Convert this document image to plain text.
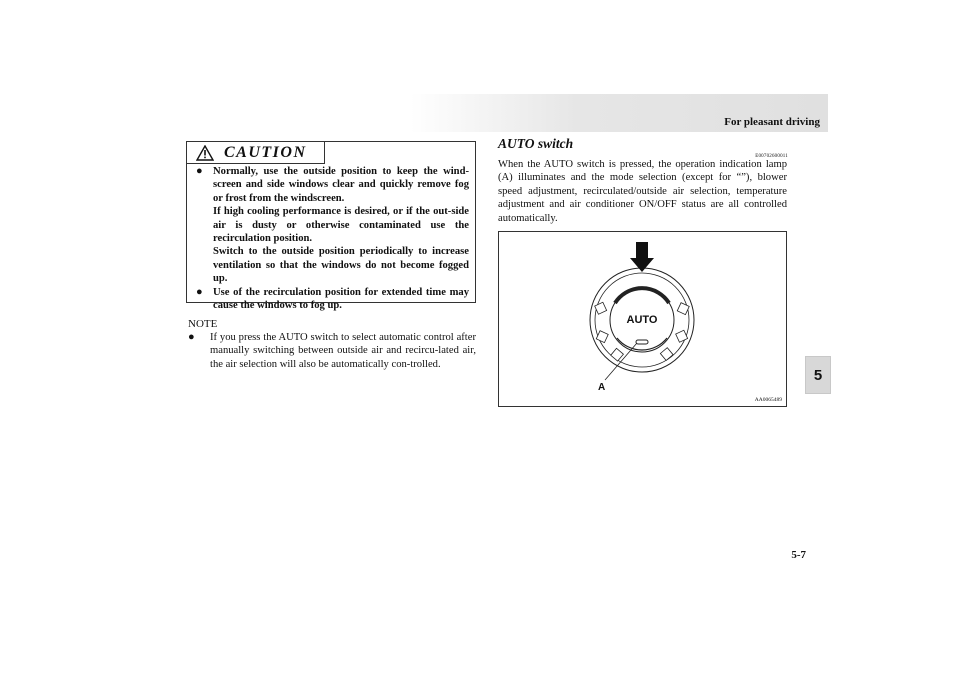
For pleasant driving
5
5-7
CAUTION
● Normally, use the outside position to keep the wind-screen and side windows clear and quickly remove fog or frost from the windscreen.
If high cooling performance is desired, or if the out-side air is dusty or otherwise contaminated use the recirculation position.
Switch to the outside position periodically to increase ventilation so that the windows do not become fogged up.

● Use of the recirculation position for extended time may cause the windows to fog up.

NOTE
●	If you press the AUTO switch to select automatic control after manually switching between outside air and recircu-lated air, the air selection will also be automatically con-trolled.

AUTO switch
E00702600011

When the AUTO switch is pressed, the operation indication lamp (A) illuminates and the mode selection (except for “”), blower speed adjustment, recirculated/outside air selection, temperature adjustment and air conditioner ON/OFF status are all controlled automatically.

AUTO
A
AA0065489
